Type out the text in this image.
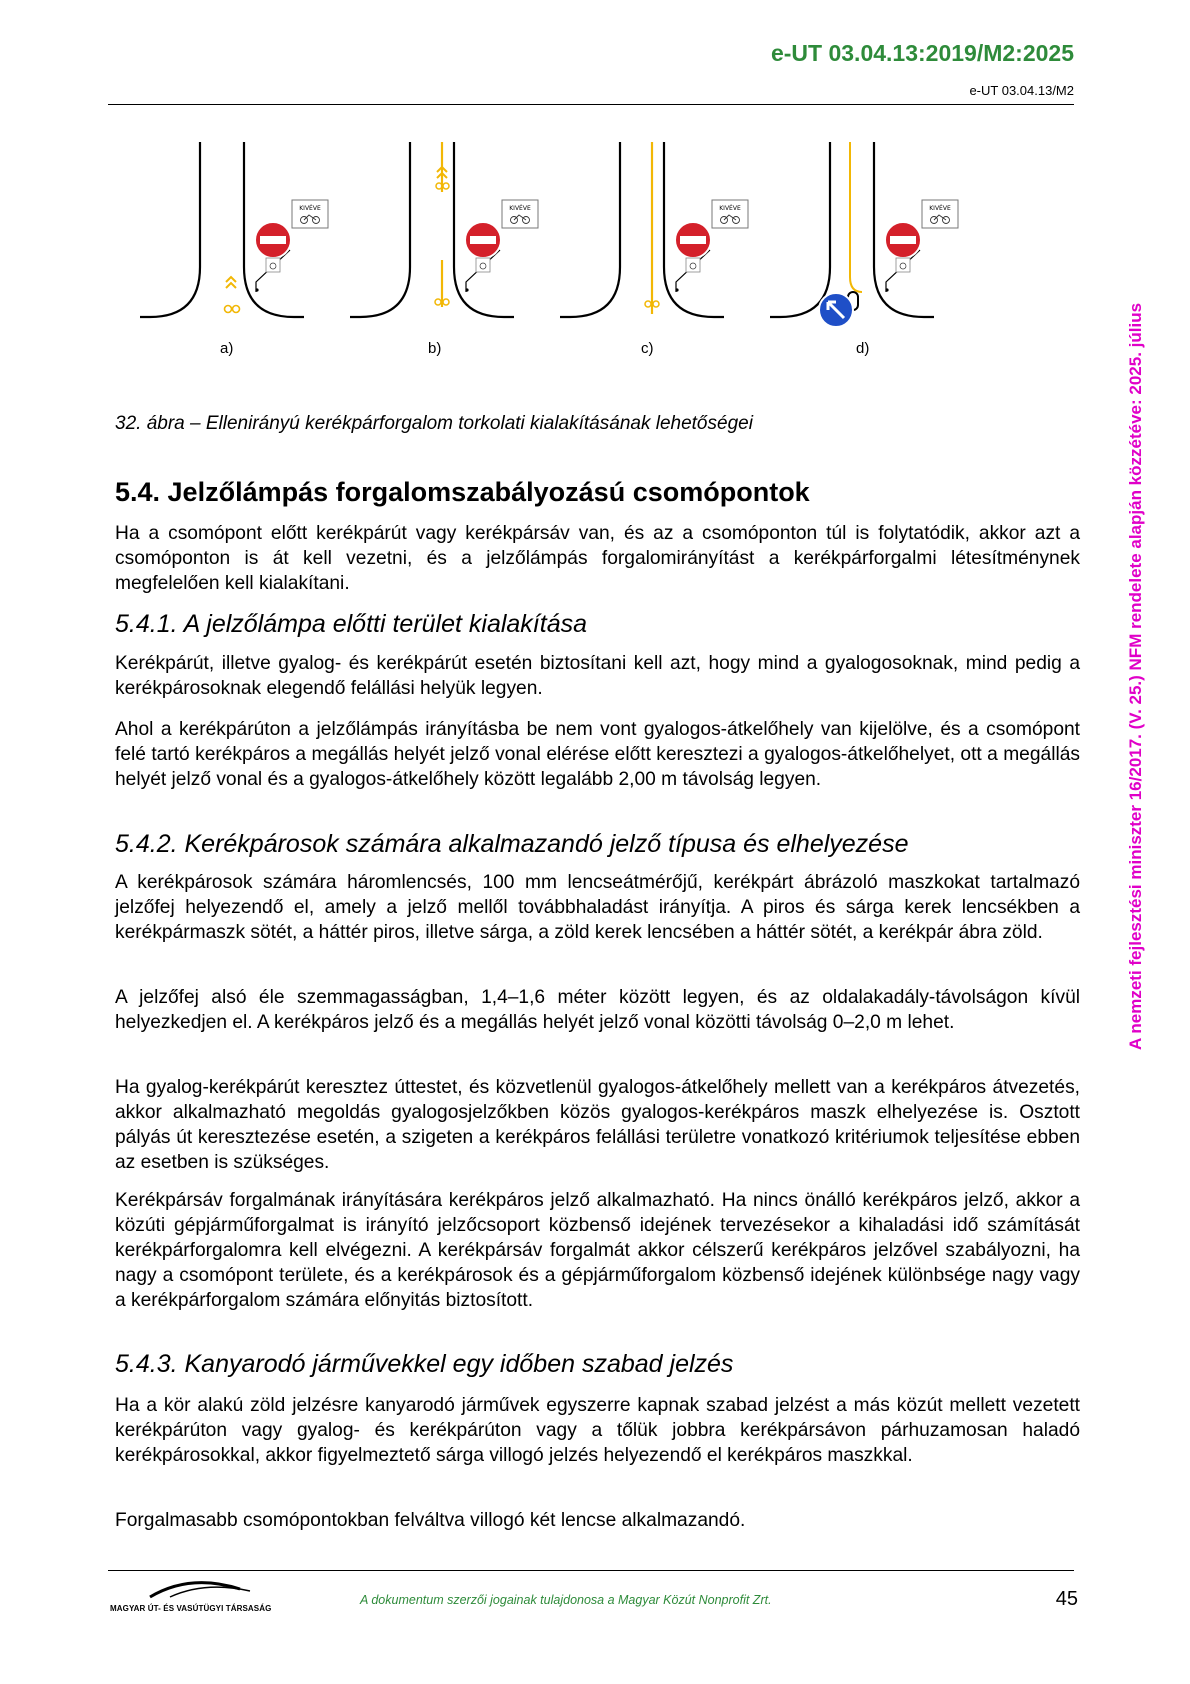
e-UT 03.04.13:2019/M2:2025
e-UT 03.04.13/M2
A nemzeti fejlesztési miniszter 16/2017. (V. 25.) NFM rendelete alapján közzétéve: 2025. július
a)	b)	c)	d)
32. ábra – Ellenirányú kerékpárforgalom torkolati kialakításának lehetőségei
5.4. Jelzőlámpás forgalomszabályozású csomópontok

Ha a csomópont előtt kerékpárút vagy kerékpársáv van, és az a csomóponton túl is folytatódik, akkor azt a csomóponton is át kell vezetni, és a jelzőlámpás forgalomirányítást a kerékpárforgalmi létesítménynek megfelelően kell kialakítani.

5.4.1. A jelzőlámpa előtti terület kialakítása

Kerékpárút, illetve gyalog- és kerékpárút esetén biztosítani kell azt, hogy mind a gyalogosoknak, mind pedig a kerékpárosoknak elegendő felállási helyük legyen.

Ahol a kerékpárúton a jelzőlámpás irányításba be nem vont gyalogos-átkelőhely van kijelölve, és a csomópont felé tartó kerékpáros a megállás helyét jelző vonal elérése előtt keresztezi a gyalogos-átkelőhelyet, ott a megállás helyét jelző vonal és a gyalogos-átkelőhely között legalább 2,00 m távolság legyen.

5.4.2. Kerékpárosok számára alkalmazandó jelző típusa és elhelyezése

A kerékpárosok számára háromlencsés, 100 mm lencseátmérőjű, kerékpárt ábrázoló maszkokat tartalmazó jelzőfej helyezendő el, amely a jelző mellől továbbhaladást irányítja. A piros és sárga kerek lencsékben a kerékpármaszk sötét, a háttér piros, illetve sárga, a zöld kerek lencsében a háttér sötét, a kerékpár ábra zöld.

A jelzőfej alsó éle szemmagasságban, 1,4–1,6 méter között legyen, és az oldalakadály-távolságon kívül helyezkedjen el. A kerékpáros jelző és a megállás helyét jelző vonal közötti távolság 0–2,0 m lehet.

Ha gyalog-kerékpárút keresztez úttestet, és közvetlenül gyalogos-átkelőhely mellett van a kerékpáros átvezetés, akkor alkalmazható megoldás gyalogosjelzőkben közös gyalogos-kerékpáros maszk elhelyezése is. Osztott pályás út keresztezése esetén, a szigeten a kerékpáros felállási területre vonatkozó kritériumok teljesítése ebben az esetben is szükséges.

Kerékpársáv forgalmának irányítására kerékpáros jelző alkalmazható. Ha nincs önálló kerékpáros jelző, akkor a közúti gépjárműforgalmat is irányító jelzőcsoport közbenső idejének tervezésekor a kihaladási idő számítását kerékpárforgalomra kell elvégezni. A kerékpársáv forgalmát akkor célszerű kerékpáros jelzővel szabályozni, ha nagy a csomópont területe, és a kerékpárosok és a gépjárműforgalom közbenső idejének különbsége nagy vagy a kerékpárforgalom számára előnyitás biztosított.

5.4.3. Kanyarodó járművekkel egy időben szabad jelzés

Ha a kör alakú zöld jelzésre kanyarodó járművek egyszerre kapnak szabad jelzést a más közút mellett vezetett kerékpárúton vagy gyalog- és kerékpárúton vagy a tőlük jobbra kerékpársávon párhuzamosan haladó kerékpárosokkal, akkor figyelmeztető sárga villogó jelzés helyezendő el kerékpáros maszkkal.

Forgalmasabb csomópontokban felváltva villogó két lencse alkalmazandó.

MAGYAR ÚT- ÉS VASÚTÜGYI TÁRSASÁG
A dokumentum szerzői jogainak tulajdonosa a Magyar Közút Nonprofit Zrt.	45
